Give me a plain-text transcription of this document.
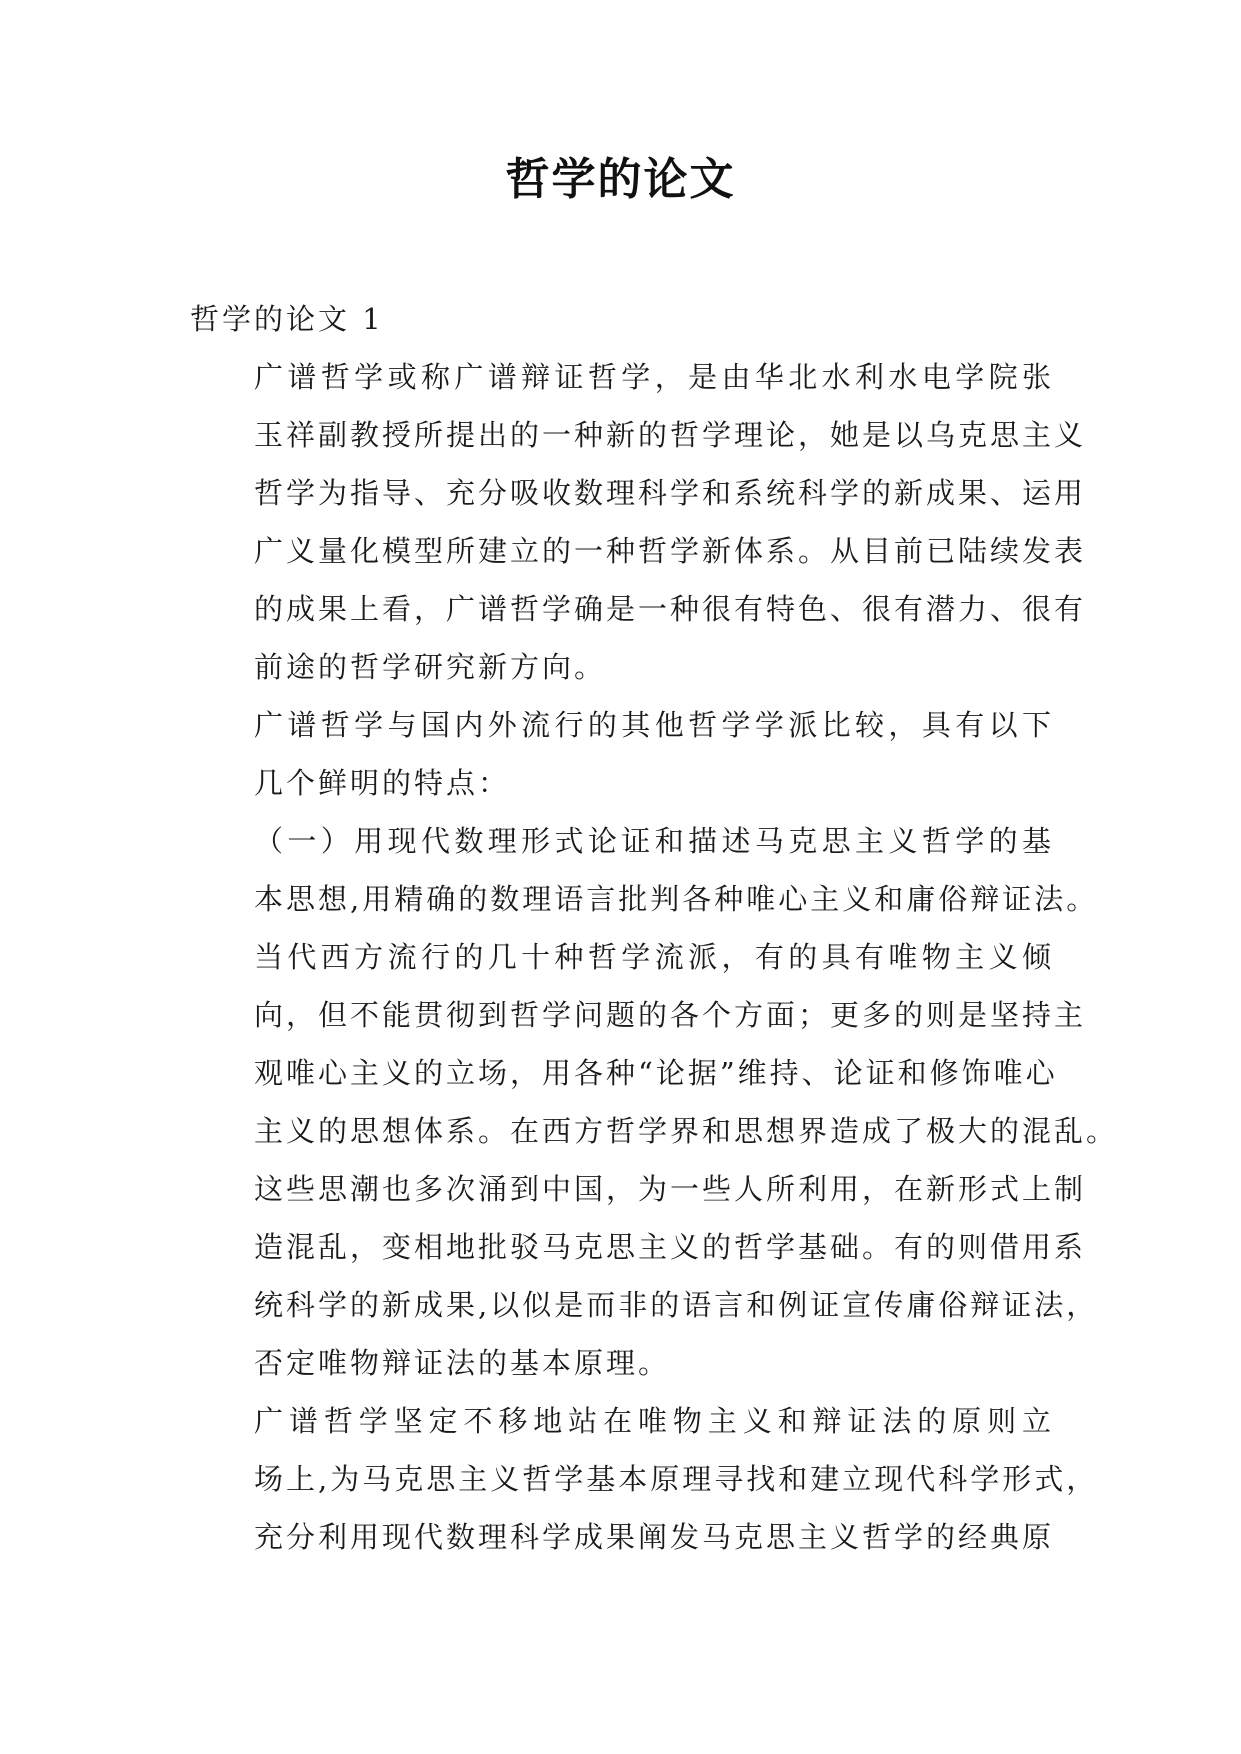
哲学的论文
哲学的论文 1

广谱哲学或称广谱辩证哲学，是由华北水利水电学院张
玉祥副教授所提出的一种新的哲学理论，她是以乌克思主义
哲学为指导、充分吸收数理科学和系统科学的新成果、运用
广义量化模型所建立的一种哲学新体系。从目前已陆续发表
的成果上看，广谱哲学确是一种很有特色、很有潜力、很有
前途的哲学研究新方向。

广谱哲学与国内外流行的其他哲学学派比较，具有以下
几个鲜明的特点：

（一）用现代数理形式论证和描述马克思主义哲学的基
本思想,用精确的数理语言批判各种唯心主义和庸俗辩证法。

当代西方流行的几十种哲学流派，有的具有唯物主义倾
向，但不能贯彻到哲学问题的各个方面；更多的则是坚持主
观唯心主义的立场，用各种“论据”维持、论证和修饰唯心
主义的思想体系。在西方哲学界和思想界造成了极大的混乱。
这些思潮也多次涌到中国，为一些人所利用，在新形式上制
造混乱，变相地批驳马克思主义的哲学基础。有的则借用系
统科学的新成果,以似是而非的语言和例证宣传庸俗辩证法，
否定唯物辩证法的基本原理。

广谱哲学坚定不移地站在唯物主义和辩证法的原则立
场上,为马克思主义哲学基本原理寻找和建立现代科学形式，
充分利用现代数理科学成果阐发马克思主义哲学的经典原
